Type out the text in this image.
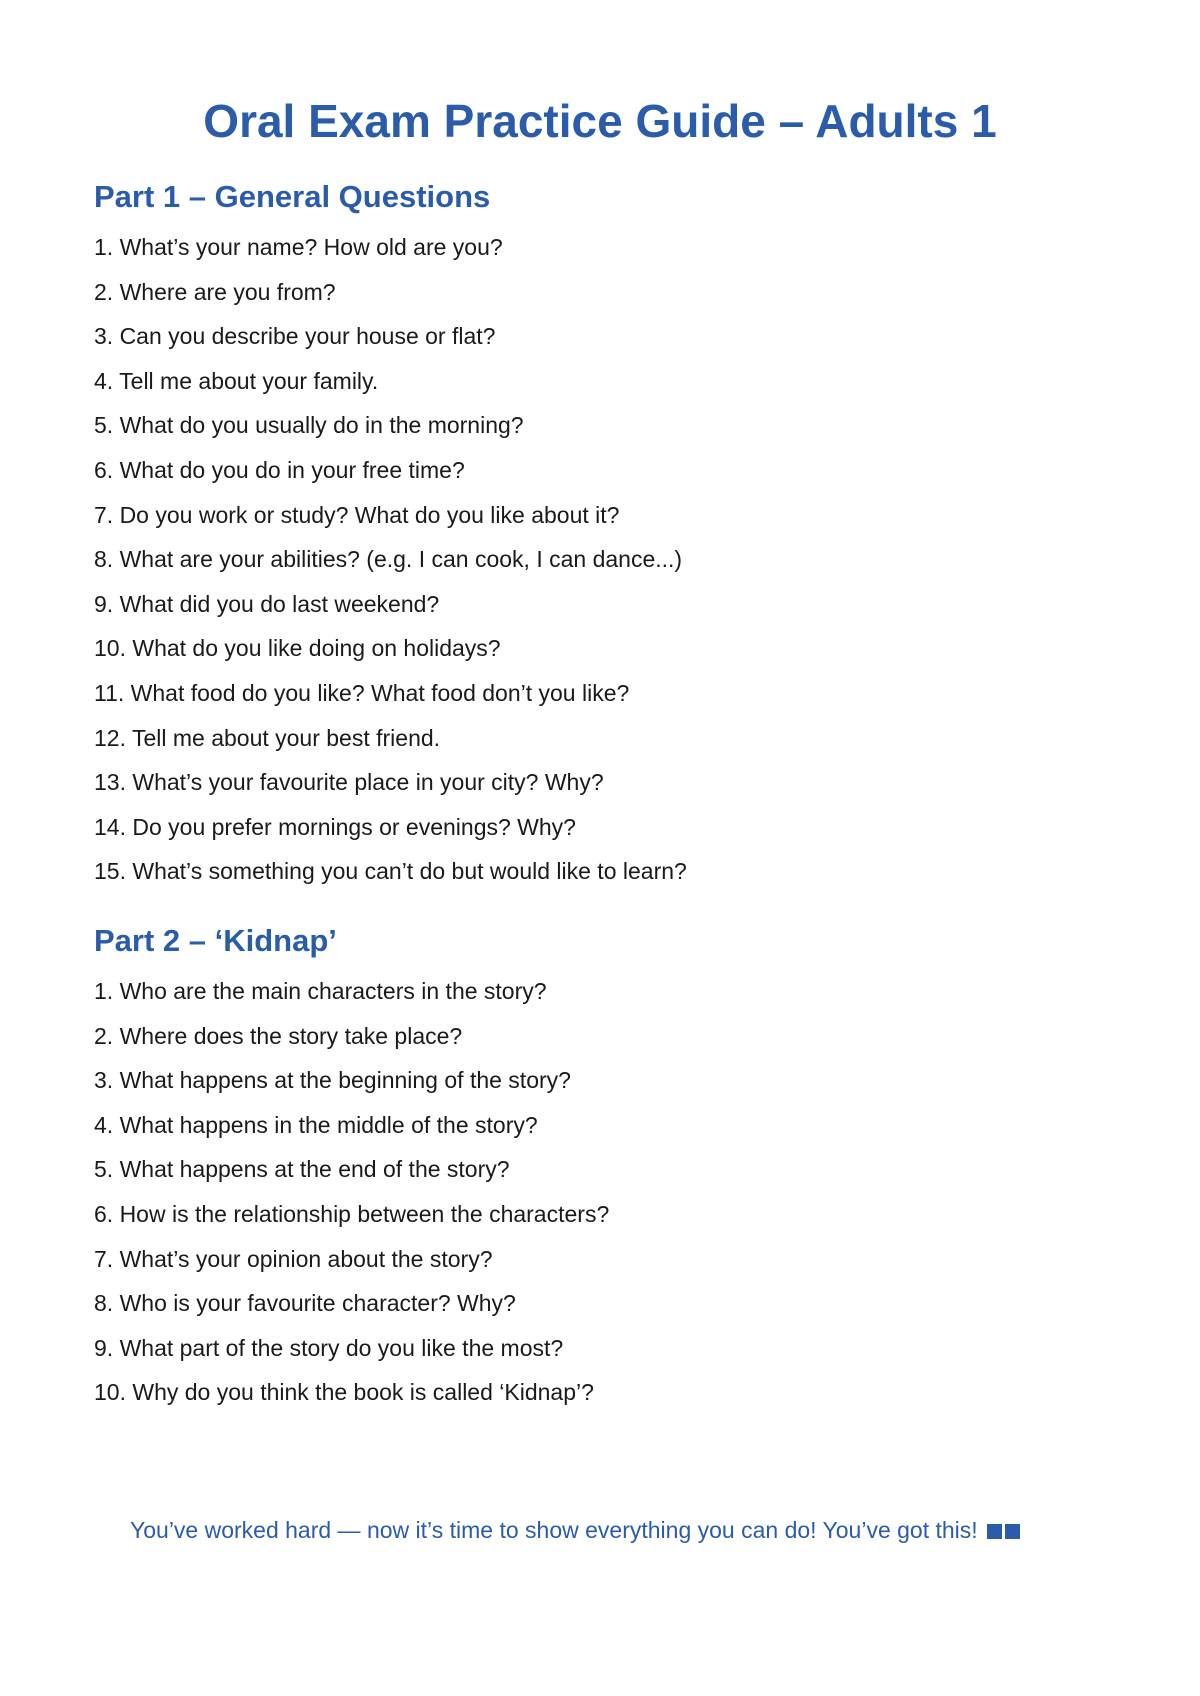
Oral Exam Practice Guide – Adults 1
Part 1 – General Questions
1. What’s your name? How old are you?
2. Where are you from?
3. Can you describe your house or flat?
4. Tell me about your family.
5. What do you usually do in the morning?
6. What do you do in your free time?
7. Do you work or study? What do you like about it?
8. What are your abilities? (e.g. I can cook, I can dance...)
9. What did you do last weekend?
10. What do you like doing on holidays?
11. What food do you like? What food don’t you like?
12. Tell me about your best friend.
13. What’s your favourite place in your city? Why?
14. Do you prefer mornings or evenings? Why?
15. What’s something you can’t do but would like to learn?
Part 2 – ‘Kidnap’
1. Who are the main characters in the story?
2. Where does the story take place?
3. What happens at the beginning of the story?
4. What happens in the middle of the story?
5. What happens at the end of the story?
6. How is the relationship between the characters?
7. What’s your opinion about the story?
8. Who is your favourite character? Why?
9. What part of the story do you like the most?
10. Why do you think the book is called ‘Kidnap’?
You’ve worked hard — now it’s time to show everything you can do! You’ve got this!
